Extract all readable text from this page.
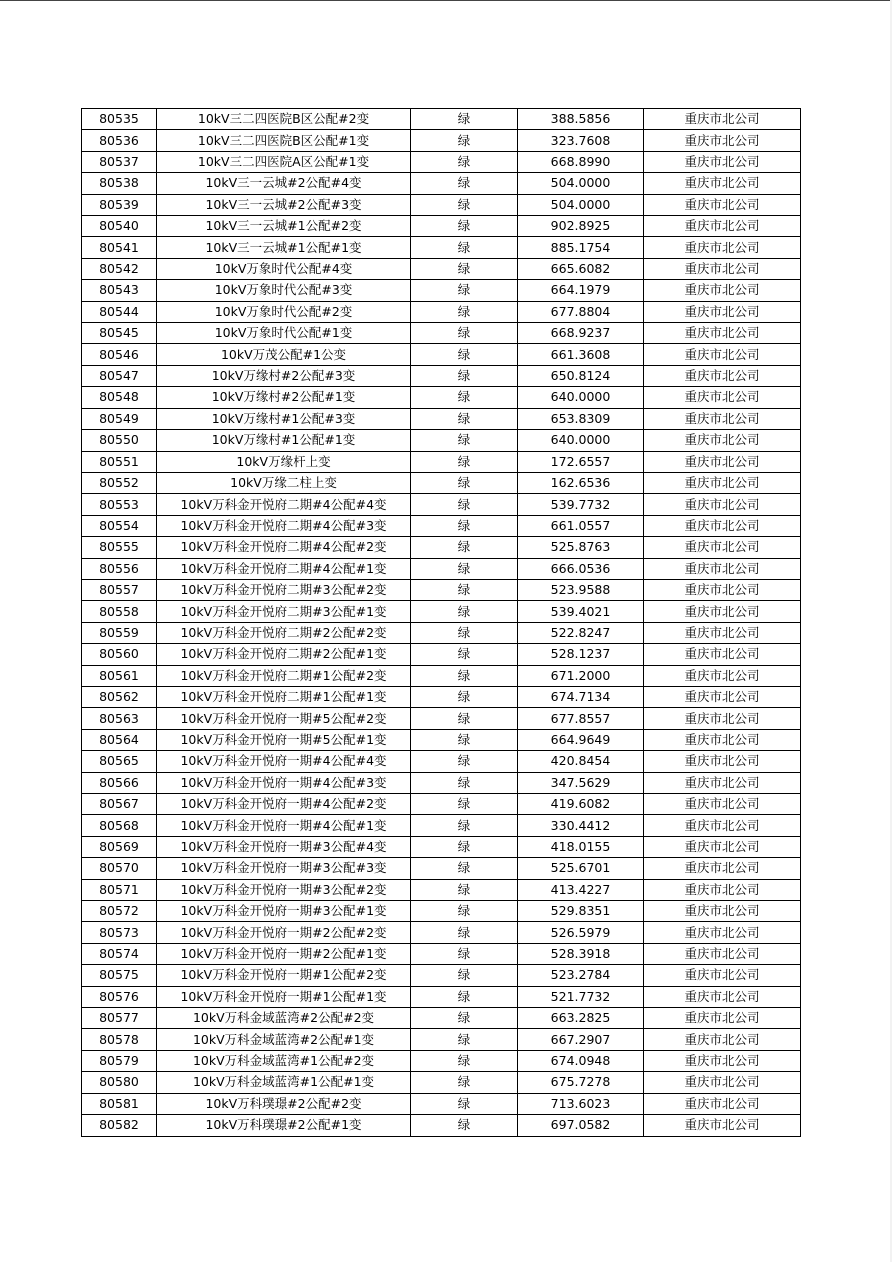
80535	10kV三二四医院B区公配#2变	绿	388.5856	重庆市北公司
80536	10kV三二四医院B区公配#1变	绿	323.7608	重庆市北公司
80537	10kV三二四医院A区公配#1变	绿	668.8990	重庆市北公司
80538	10kV三一云城#2公配#4变	绿	504.0000	重庆市北公司
80539	10kV三一云城#2公配#3变	绿	504.0000	重庆市北公司
80540	10kV三一云城#1公配#2变	绿	902.8925	重庆市北公司
80541	10kV三一云城#1公配#1变	绿	885.1754	重庆市北公司
80542	10kV万象时代公配#4变	绿	665.6082	重庆市北公司
80543	10kV万象时代公配#3变	绿	664.1979	重庆市北公司
80544	10kV万象时代公配#2变	绿	677.8804	重庆市北公司
80545	10kV万象时代公配#1变	绿	668.9237	重庆市北公司
80546	10kV万茂公配#1公变	绿	661.3608	重庆市北公司
80547	10kV万缘村#2公配#3变	绿	650.8124	重庆市北公司
80548	10kV万缘村#2公配#1变	绿	640.0000	重庆市北公司
80549	10kV万缘村#1公配#3变	绿	653.8309	重庆市北公司
80550	10kV万缘村#1公配#1变	绿	640.0000	重庆市北公司
80551	10kV万缘杆上变	绿	172.6557	重庆市北公司
80552	10kV万缘二柱上变	绿	162.6536	重庆市北公司
80553	10kV万科金开悦府二期#4公配#4变	绿	539.7732	重庆市北公司
80554	10kV万科金开悦府二期#4公配#3变	绿	661.0557	重庆市北公司
80555	10kV万科金开悦府二期#4公配#2变	绿	525.8763	重庆市北公司
80556	10kV万科金开悦府二期#4公配#1变	绿	666.0536	重庆市北公司
80557	10kV万科金开悦府二期#3公配#2变	绿	523.9588	重庆市北公司
80558	10kV万科金开悦府二期#3公配#1变	绿	539.4021	重庆市北公司
80559	10kV万科金开悦府二期#2公配#2变	绿	522.8247	重庆市北公司
80560	10kV万科金开悦府二期#2公配#1变	绿	528.1237	重庆市北公司
80561	10kV万科金开悦府二期#1公配#2变	绿	671.2000	重庆市北公司
80562	10kV万科金开悦府二期#1公配#1变	绿	674.7134	重庆市北公司
80563	10kV万科金开悦府一期#5公配#2变	绿	677.8557	重庆市北公司
80564	10kV万科金开悦府一期#5公配#1变	绿	664.9649	重庆市北公司
80565	10kV万科金开悦府一期#4公配#4变	绿	420.8454	重庆市北公司
80566	10kV万科金开悦府一期#4公配#3变	绿	347.5629	重庆市北公司
80567	10kV万科金开悦府一期#4公配#2变	绿	419.6082	重庆市北公司
80568	10kV万科金开悦府一期#4公配#1变	绿	330.4412	重庆市北公司
80569	10kV万科金开悦府一期#3公配#4变	绿	418.0155	重庆市北公司
80570	10kV万科金开悦府一期#3公配#3变	绿	525.6701	重庆市北公司
80571	10kV万科金开悦府一期#3公配#2变	绿	413.4227	重庆市北公司
80572	10kV万科金开悦府一期#3公配#1变	绿	529.8351	重庆市北公司
80573	10kV万科金开悦府一期#2公配#2变	绿	526.5979	重庆市北公司
80574	10kV万科金开悦府一期#2公配#1变	绿	528.3918	重庆市北公司
80575	10kV万科金开悦府一期#1公配#2变	绿	523.2784	重庆市北公司
80576	10kV万科金开悦府一期#1公配#1变	绿	521.7732	重庆市北公司
80577	10kV万科金域蓝湾#2公配#2变	绿	663.2825	重庆市北公司
80578	10kV万科金域蓝湾#2公配#1变	绿	667.2907	重庆市北公司
80579	10kV万科金域蓝湾#1公配#2变	绿	674.0948	重庆市北公司
80580	10kV万科金域蓝湾#1公配#1变	绿	675.7278	重庆市北公司
80581	10kV万科璞璟#2公配#2变	绿	713.6023	重庆市北公司
80582	10kV万科璞璟#2公配#1变	绿	697.0582	重庆市北公司
